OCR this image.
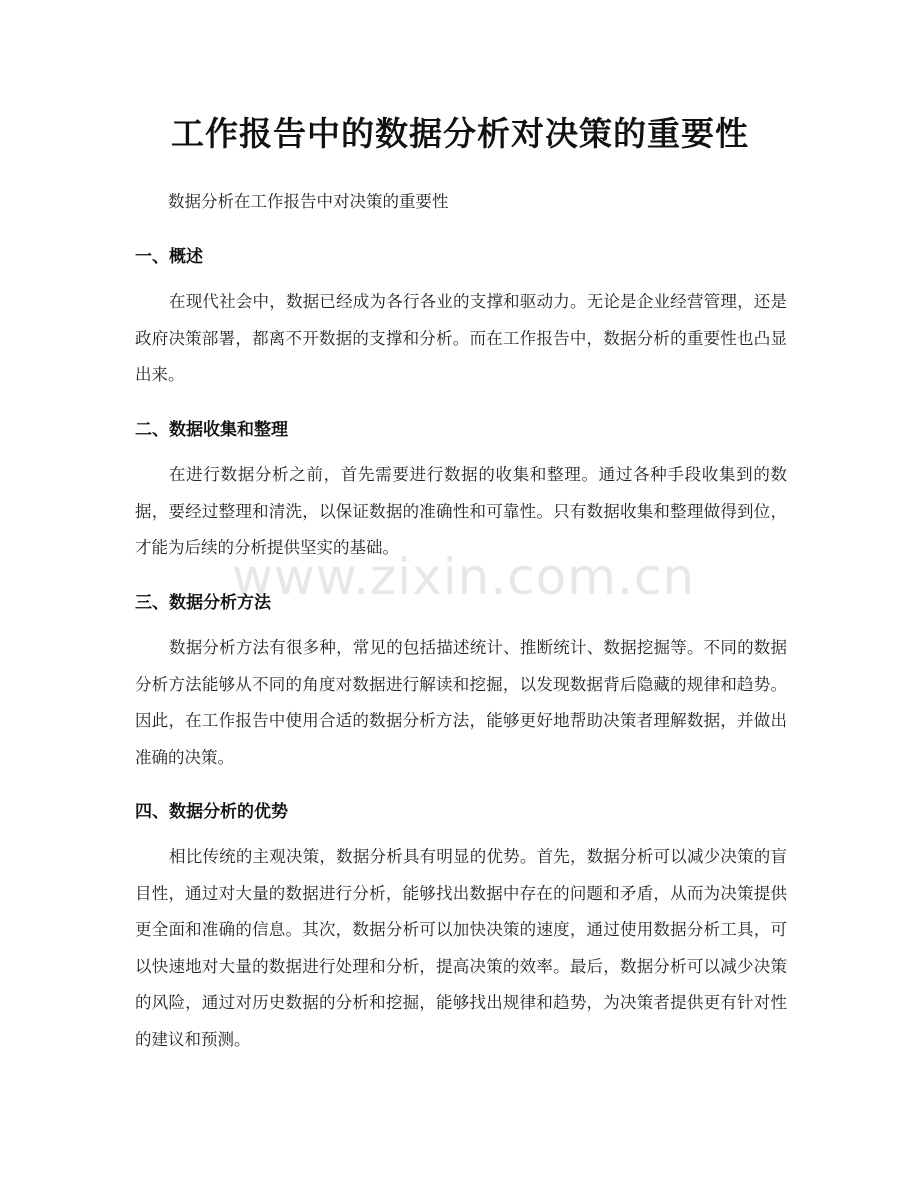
工作报告中的数据分析对决策的重要性

数据分析在工作报告中对决策的重要性

一、概述

在现代社会中，数据已经成为各行各业的支撑和驱动力。无论是企业经营管理，还是政府决策部署，都离不开数据的支撑和分析。而在工作报告中，数据分析的重要性也凸显出来。

二、数据收集和整理

在进行数据分析之前，首先需要进行数据的收集和整理。通过各种手段收集到的数据，要经过整理和清洗，以保证数据的准确性和可靠性。只有数据收集和整理做得到位，才能为后续的分析提供坚实的基础。

www.zixin.com.cn
三、数据分析方法

数据分析方法有很多种，常见的包括描述统计、推断统计、数据挖掘等。不同的数据分析方法能够从不同的角度对数据进行解读和挖掘，以发现数据背后隐藏的规律和趋势。因此，在工作报告中使用合适的数据分析方法，能够更好地帮助决策者理解数据，并做出准确的决策。

四、数据分析的优势

相比传统的主观决策，数据分析具有明显的优势。首先，数据分析可以减少决策的盲目性，通过对大量的数据进行分析，能够找出数据中存在的问题和矛盾，从而为决策提供更全面和准确的信息。其次，数据分析可以加快决策的速度，通过使用数据分析工具，可以快速地对大量的数据进行处理和分析，提高决策的效率。最后，数据分析可以减少决策的风险，通过对历史数据的分析和挖掘，能够找出规律和趋势，为决策者提供更有针对性的建议和预测。
